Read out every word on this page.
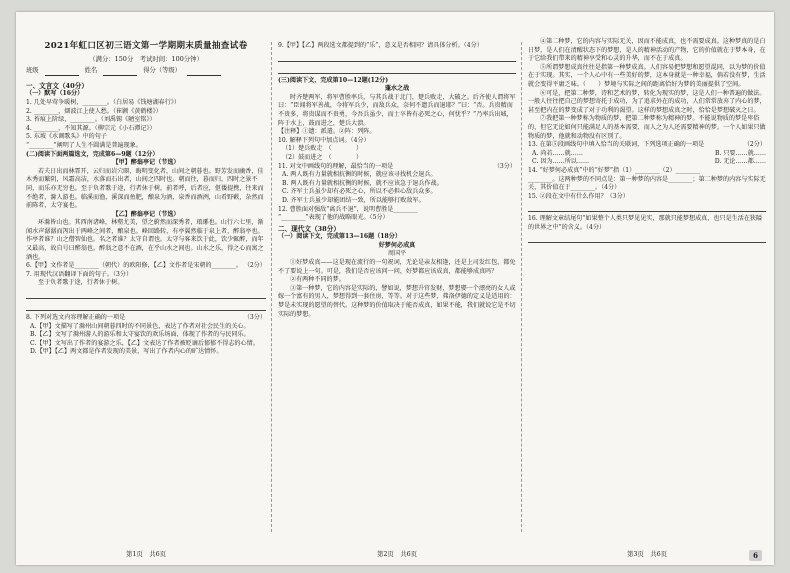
2021年虹口区初三语文第一学期期末质量抽查试卷
（满分：150分　考试时间：100分钟）
班级	姓名	得分（等级）
一、文言文（40分）
（一）默写（16分）
1. 几处早莺争暖树，________。（白居易《钱塘湖春行》）
2. ________，烟波江上使人愁。（崔颢《黄鹤楼》）
3. 苔痕上阶绿，________。（刘禹锡《陋室铭》）
4. ________，不知其源。（柳宗元《小石潭记》）
5. 东坡《水调歌头》中的句子
“________”阐明了人生不圆满是普遍现象。
(二)阅读下面两篇选文，完成第6—9题（12分）
【甲】醉翁亭记（节选）
若夫日出而林霏开，云归而岩穴暝，晦明变化者，山间之朝暮也。野芳发而幽香，佳木秀而繁阴，风霜高洁，水落而石出者，山间之四时也。朝而往，暮而归，四时之景不同，而乐亦无穷也。至于负者歌于途，行者休于树，前者呼，后者应，伛偻提携，往来而不绝者，滁人游也。临溪而渔，溪深而鱼肥，酿泉为酒，泉香而酒洌，山肴野蔌，杂然而前陈者，太守宴也。
【乙】醉翁亭记（节选）
环滁皆山也。其西南诸峰，林壑尤美，望之蔚然而深秀者，琅琊也。山行六七里，渐闻水声潺潺而泻出于两峰之间者，酿泉也。峰回路转，有亭翼然临于泉上者，醉翁亭也。作亭者谁？山之僧智仙也。名之者谁？太守自谓也。太守与客来饮于此，饮少辄醉，而年又最高，故自号曰醉翁也。醉翁之意不在酒，在乎山水之间也。山水之乐，得之心而寓之酒也。
6.【甲】文作者是________（朝代）的欧阳修，【乙】文作者是宋朝的________。 （2分）
7. 用现代汉语翻译下面的句子。（3分）
至于负者歌于途，行者休于树。
8. 下列对选文内容理解正确的一项是	（3分）
A.【甲】文描写了滁州山间朝暮四时的不同景色，表达了作者对社会民生的关心。
B.【乙】文写了滁州游人的游乐和太守宴饮的欢乐场面，体现了作者的与民同乐。
C.【甲】文写出了作者的宴游之乐，【乙】文表达了作者被贬谪后郁郁不得志的心情。
D.【甲】【乙】两文都是作者发现的美景，写出了作者内心的旷达情怀。
第1页　共6页
9.【甲】【乙】两段选文都提到的“乐”，意义是否相同？请具体分析。（4分）
(三)阅读下文，完成第10—12题(12分)
蓬水之战
时齐楚两军，将军曹胜率兵，与其兵战于北门，楚兵败走，大破之。后齐使人谓将军曰：“臣闻将军善战，今将军兵少，而敌兵众，奈何不遗兵而退耶？”曰：“否。兵贵精而不贵多，将贵谋而不贵勇，今吾兵虽少，而士卒皆有必死之心，何忧乎？”乃率兵出城，阵于水上，鼓而进之，楚兵大溃。
【注释】①遗：派遣。②阵：列阵。
10. 解释下列句中加点词。（4分）
（1）楚兵败走　（　　　　）
（2）鼓而进之　（　　　　）
11. 对文中画线句的理解，最恰当的一项是	（3分）
A. 两人既有力量就相抗衡的时候，就应该寻找机会退兵。
B. 两人既有力量就相抗衡的时候，就不应该急于退兵作战。
C. 齐军士兵虽少却有必死之心，所以不必担心敌兵众多。
D. 齐军士兵虽少却能团结一致，所以能够打败敌军。
12. 曹胜面对强敌“离兵不退”，说明曹胜是________
“________”表现了他的战略眼光。（5分）
二、现代文（38分）
（一）阅读下文，完成第13—16题（18分）
好梦何必成真
周国平
①好梦成真——这是现在流行的一句祝词，无论是亲友相逢，还是上司发红包，都免不了要说上一句。可是，我们是否应该问一问，好梦都应该成真，都能够成真吗？
②有两种不同的梦。
③第一种梦，它的内容是实际的，譬如说，梦想升官发财，梦想娶一个漂亮的女人或嫁一个富有的男人，梦想得到一套住房，等等。对于这些梦，弗洛伊德的定义是适用的：梦是未实现的愿望的替代。这种梦的价值取决于能否成真，如果不能，我们就说它是不切实际的梦想。
第2页　共6页
④第二种梦，它的内容与实际无关，因而不能成真，也不需要成真。这种梦真的是白日梦，是人们在清醒状态下的梦想，是人的精神活动的产物，它的价值就在于梦本身，在于它给我们带来的精神享受和心灵的升华，而不在于成真。
⑤所谓梦想成真往往是指第一种梦成真。人们容易把梦想和愿望混同，以为梦的价值在于实现。其实，一个人心中有一些美好的梦，这本身就是一种幸福，倘若没有梦，生活就会变得平庸乏味。（　　）梦境与实际之间的距离恰好为梦的美丽提供了空间。
⑥可是，把第二种梦，诗和艺术的梦，转化为现实的梦，这是人们一种普遍的做法。一般人往往把自己的梦想寄托于成功，为了追求外在的成功，人们常常放弃了内心的梦，甚至把内在的梦变成了对于功利的渴望。这样的梦想成真之时，恰恰是梦想破灭之日。
⑦我把第一种梦称为物质的梦，把第二种梦称为精神的梦。不能说物质的梦是卑俗的，但它无论如何只能满足人的基本需要，而人之为人还需要精神的梦。一个人如果只做物质的梦，他就和动物没有区别了。
13. 在第⑤段画线句中填入恰当的关联词，下列选项正确的一项是	（2分）
A. 尚若……就……	B. 只要……就……
C. 因为……所以……	D. 无论……都……
14. “好梦何必成真”中的“好梦”指（1）________（2）________
________。这两种梦的不同点是：第一种梦的内容是________；第二种梦的内容与实际无关，其价值在于________。（4分）
15. ②段在文中有什么作用？（3分）
16. 理解文章结尾句“如果整个人类只梦见见实，那就只能梦想成真，也只是生活在狭隘的世界之中”的含义。（4分）
第3页　共6页	6
